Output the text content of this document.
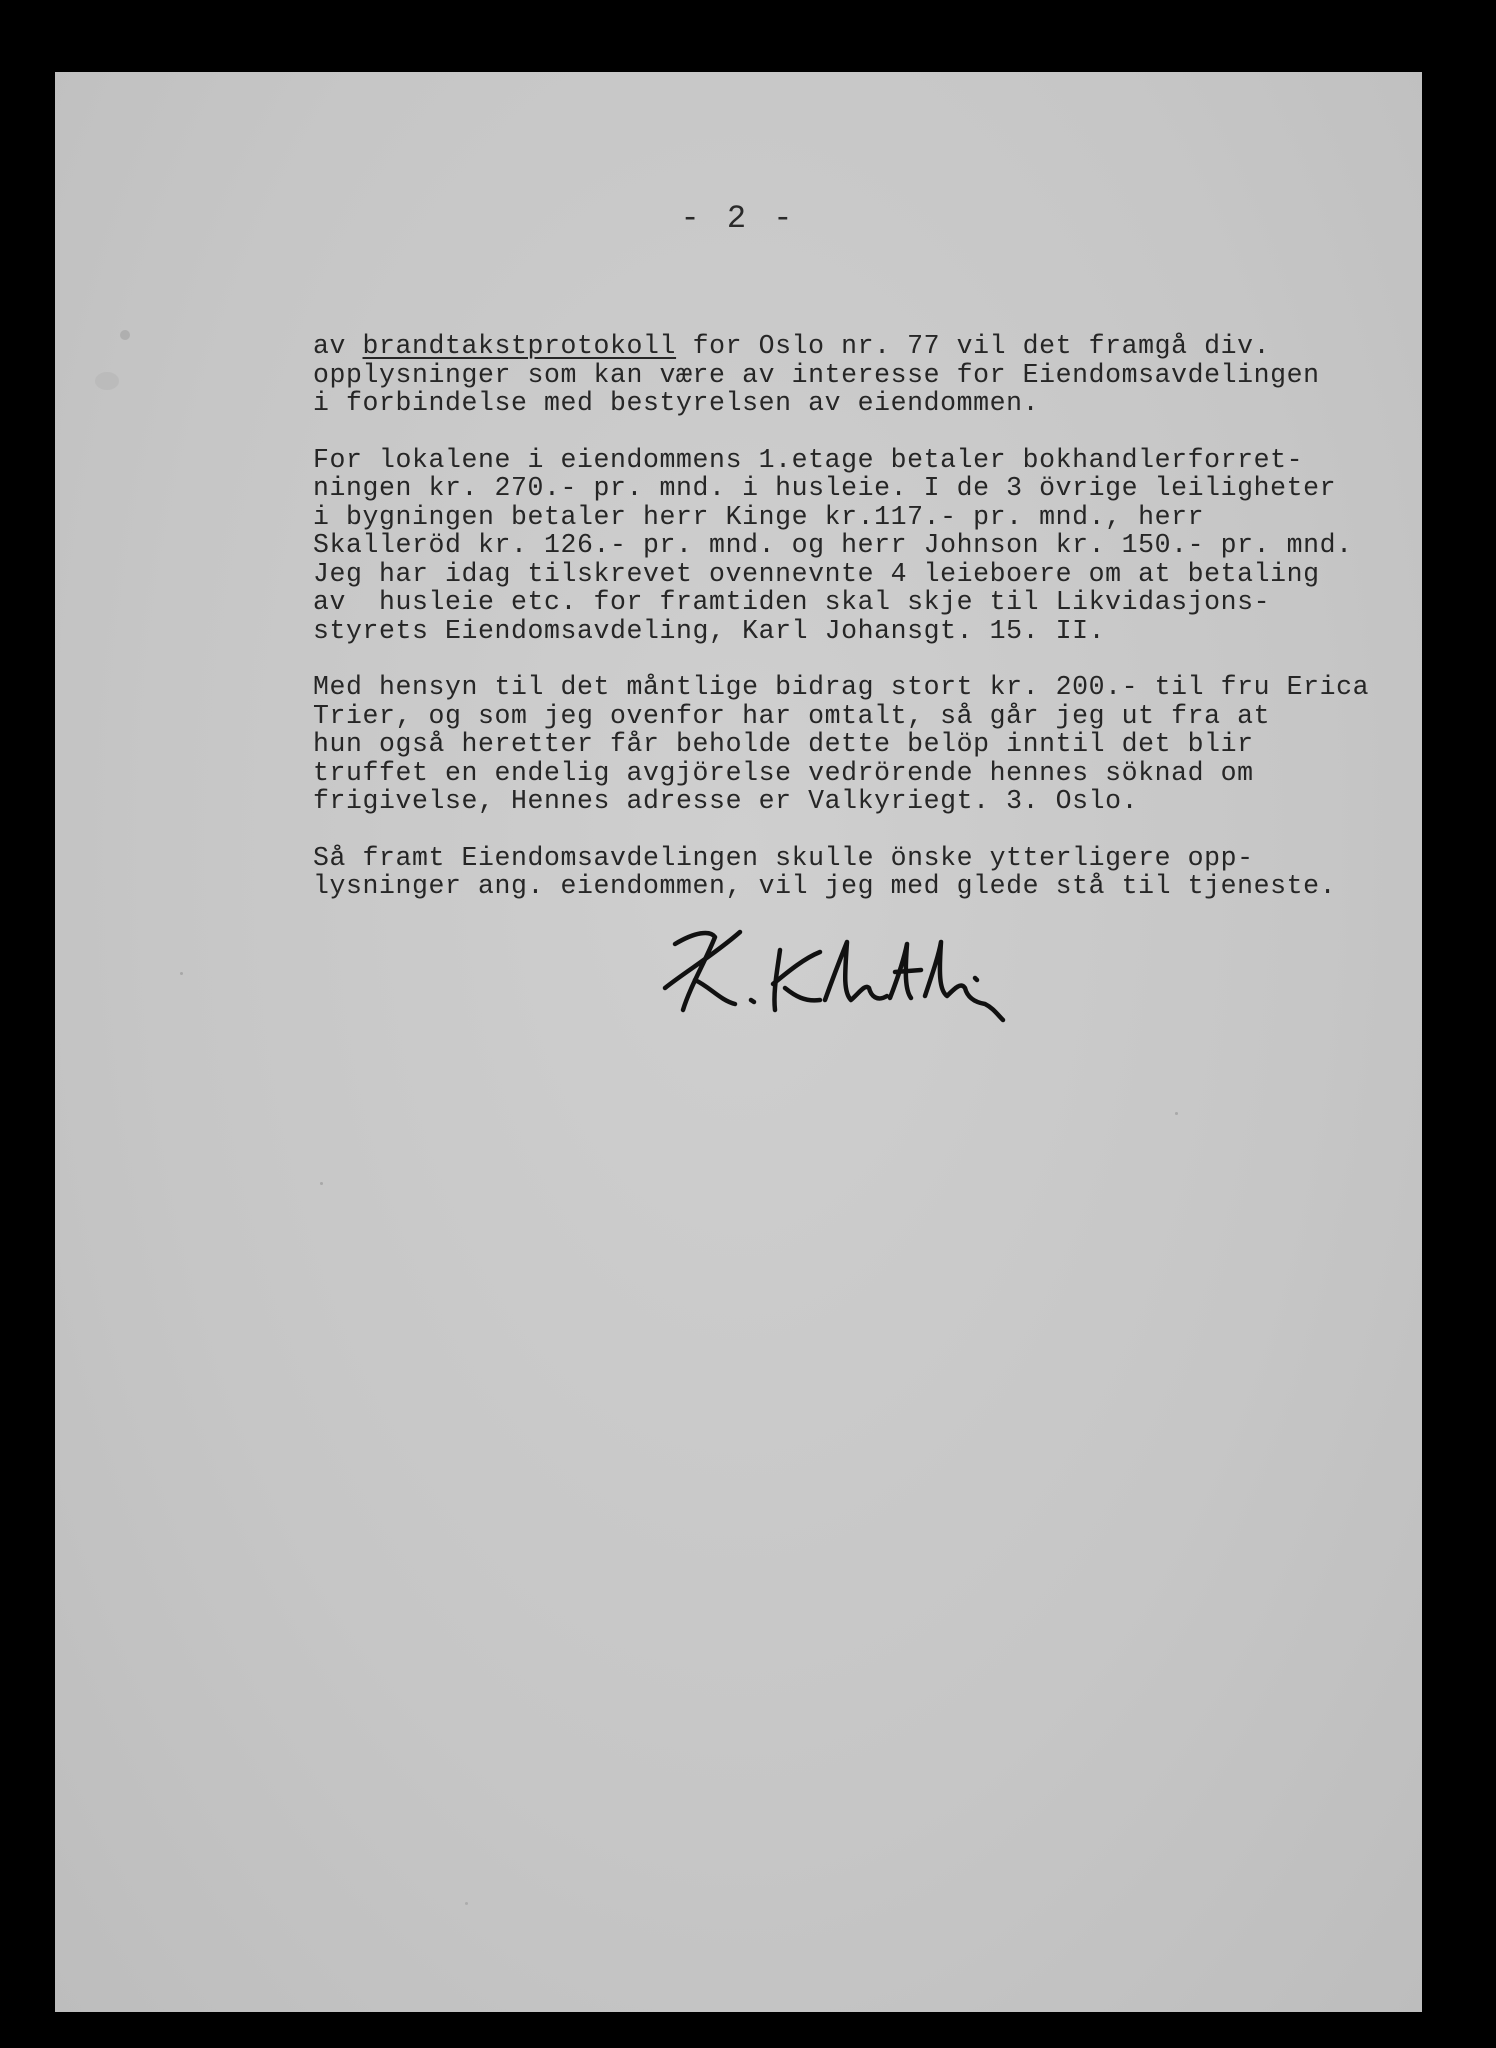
- 2 -
av brandtakstprotokoll for Oslo nr. 77 vil det framgå div.
opplysninger som kan være av interesse for Eiendomsavdelingen
i forbindelse med bestyrelsen av eiendommen.
For lokalene i eiendommens 1.etage betaler bokhandlerforret-
ningen kr. 270.- pr. mnd. i husleie. I de 3 övrige leiligheter
i bygningen betaler herr Kinge kr.117.- pr. mnd., herr
Skalleröd kr. 126.- pr. mnd. og herr Johnson kr. 150.- pr. mnd.
Jeg har idag tilskrevet ovennevnte 4 leieboere om at betaling
av  husleie etc. for framtiden skal skje til Likvidasjons-
styrets Eiendomsavdeling, Karl Johansgt. 15. II.
Med hensyn til det måntlige bidrag stort kr. 200.- til fru Erica
Trier, og som jeg ovenfor har omtalt, så går jeg ut fra at
hun også heretter får beholde dette belöp inntil det blir
truffet en endelig avgjörelse vedrörende hennes söknad om
frigivelse, Hennes adresse er Valkyriegt. 3. Oslo.
Så framt Eiendomsavdelingen skulle önske ytterligere opp-
lysninger ang. eiendommen, vil jeg med glede stå til tjeneste.
